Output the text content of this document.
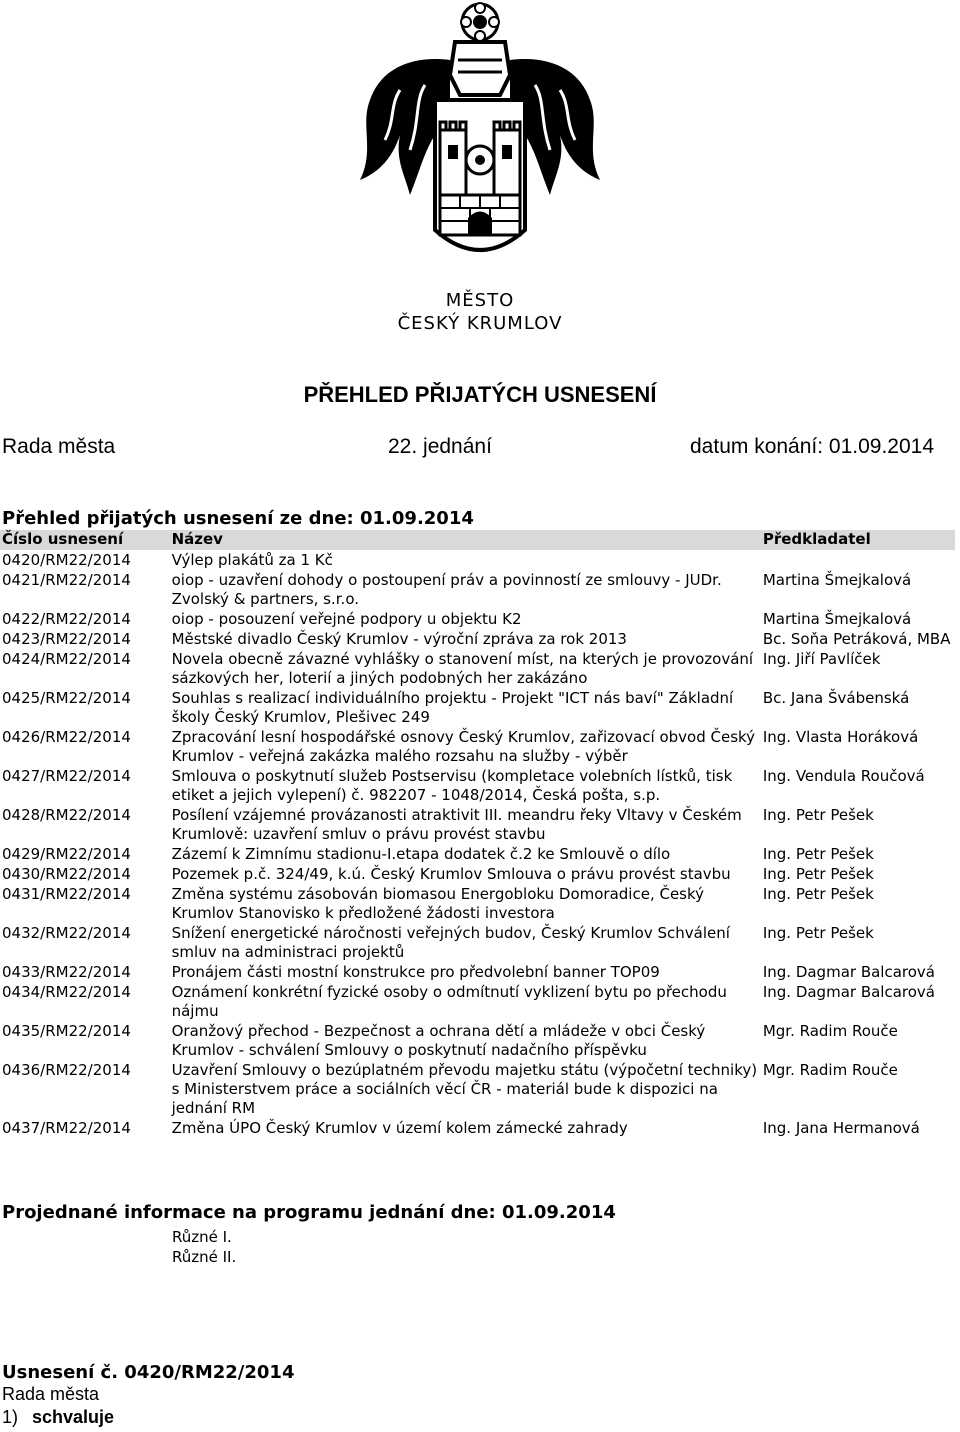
MĚSTO
ČESKÝ KRUMLOV
PŘEHLED PŘIJATÝCH USNESENÍ
Rada města	22. jednání	datum konání: 01.09.2014
Přehled přijatých usnesení ze dne: 01.09.2014
Číslo usnesení	Název	Předkladatel
0420/RM22/2014	Výlep plakátů za 1 Kč	
0421/RM22/2014	oiop - uzavření dohody o postoupení práv a povinností ze smlouvy - JUDr. Zvolský & partners, s.r.o.	Martina Šmejkalová
0422/RM22/2014	oiop - posouzení veřejné podpory u objektu K2	Martina Šmejkalová
0423/RM22/2014	Městské divadlo Český Krumlov - výroční zpráva za rok 2013	Bc. Soňa Petráková, MBA
0424/RM22/2014	Novela obecně závazné vyhlášky o stanovení míst, na kterých je provozování sázkových her, loterií a jiných podobných her zakázáno	Ing. Jiří Pavlíček
0425/RM22/2014	Souhlas s realizací individuálního projektu - Projekt "ICT nás baví" Základní školy Český Krumlov, Plešivec 249	Bc. Jana Švábenská
0426/RM22/2014	Zpracování lesní hospodářské osnovy Český Krumlov, zařizovací obvod Český Krumlov - veřejná zakázka malého rozsahu na služby - výběr	Ing. Vlasta Horáková
0427/RM22/2014	Smlouva o poskytnutí služeb Postservisu (kompletace volebních lístků, tisk etiket a jejich vylepení) č. 982207 - 1048/2014, Česká pošta, s.p.	Ing. Vendula Roučová
0428/RM22/2014	Posílení vzájemné provázanosti atraktivit III. meandru řeky Vltavy v Českém Krumlově: uzavření smluv o právu provést stavbu	Ing. Petr Pešek
0429/RM22/2014	Zázemí k Zimnímu stadionu-I.etapa dodatek č.2 ke Smlouvě o dílo	Ing. Petr Pešek
0430/RM22/2014	Pozemek p.č. 324/49, k.ú. Český Krumlov Smlouva o právu provést stavbu	Ing. Petr Pešek
0431/RM22/2014	Změna systému zásobován biomasou Energobloku Domoradice, Český Krumlov Stanovisko k předložené žádosti investora	Ing. Petr Pešek
0432/RM22/2014	Snížení energetické náročnosti veřejných budov, Český Krumlov Schválení smluv na administraci projektů	Ing. Petr Pešek
0433/RM22/2014	Pronájem části mostní konstrukce pro předvolební banner TOP09	Ing. Dagmar Balcarová
0434/RM22/2014	Oznámení konkrétní fyzické osoby o odmítnutí vyklizení bytu po přechodu nájmu	Ing. Dagmar Balcarová
0435/RM22/2014	Oranžový přechod - Bezpečnost a ochrana dětí a mládeže v obci Český Krumlov - schválení Smlouvy o poskytnutí nadačního příspěvku	Mgr. Radim Rouče
0436/RM22/2014	Uzavření Smlouvy o bezúplatném převodu majetku státu (výpočetní techniky) s Ministerstvem práce a sociálních věcí ČR - materiál bude k dispozici na jednání RM	Mgr. Radim Rouče
0437/RM22/2014	Změna ÚPO Český Krumlov v území kolem zámecké zahrady	Ing. Jana Hermanová
Projednané informace na programu jednání dne: 01.09.2014
Různé I.
Různé II.
Usnesení č. 0420/RM22/2014
Rada města
1) schvaluje
